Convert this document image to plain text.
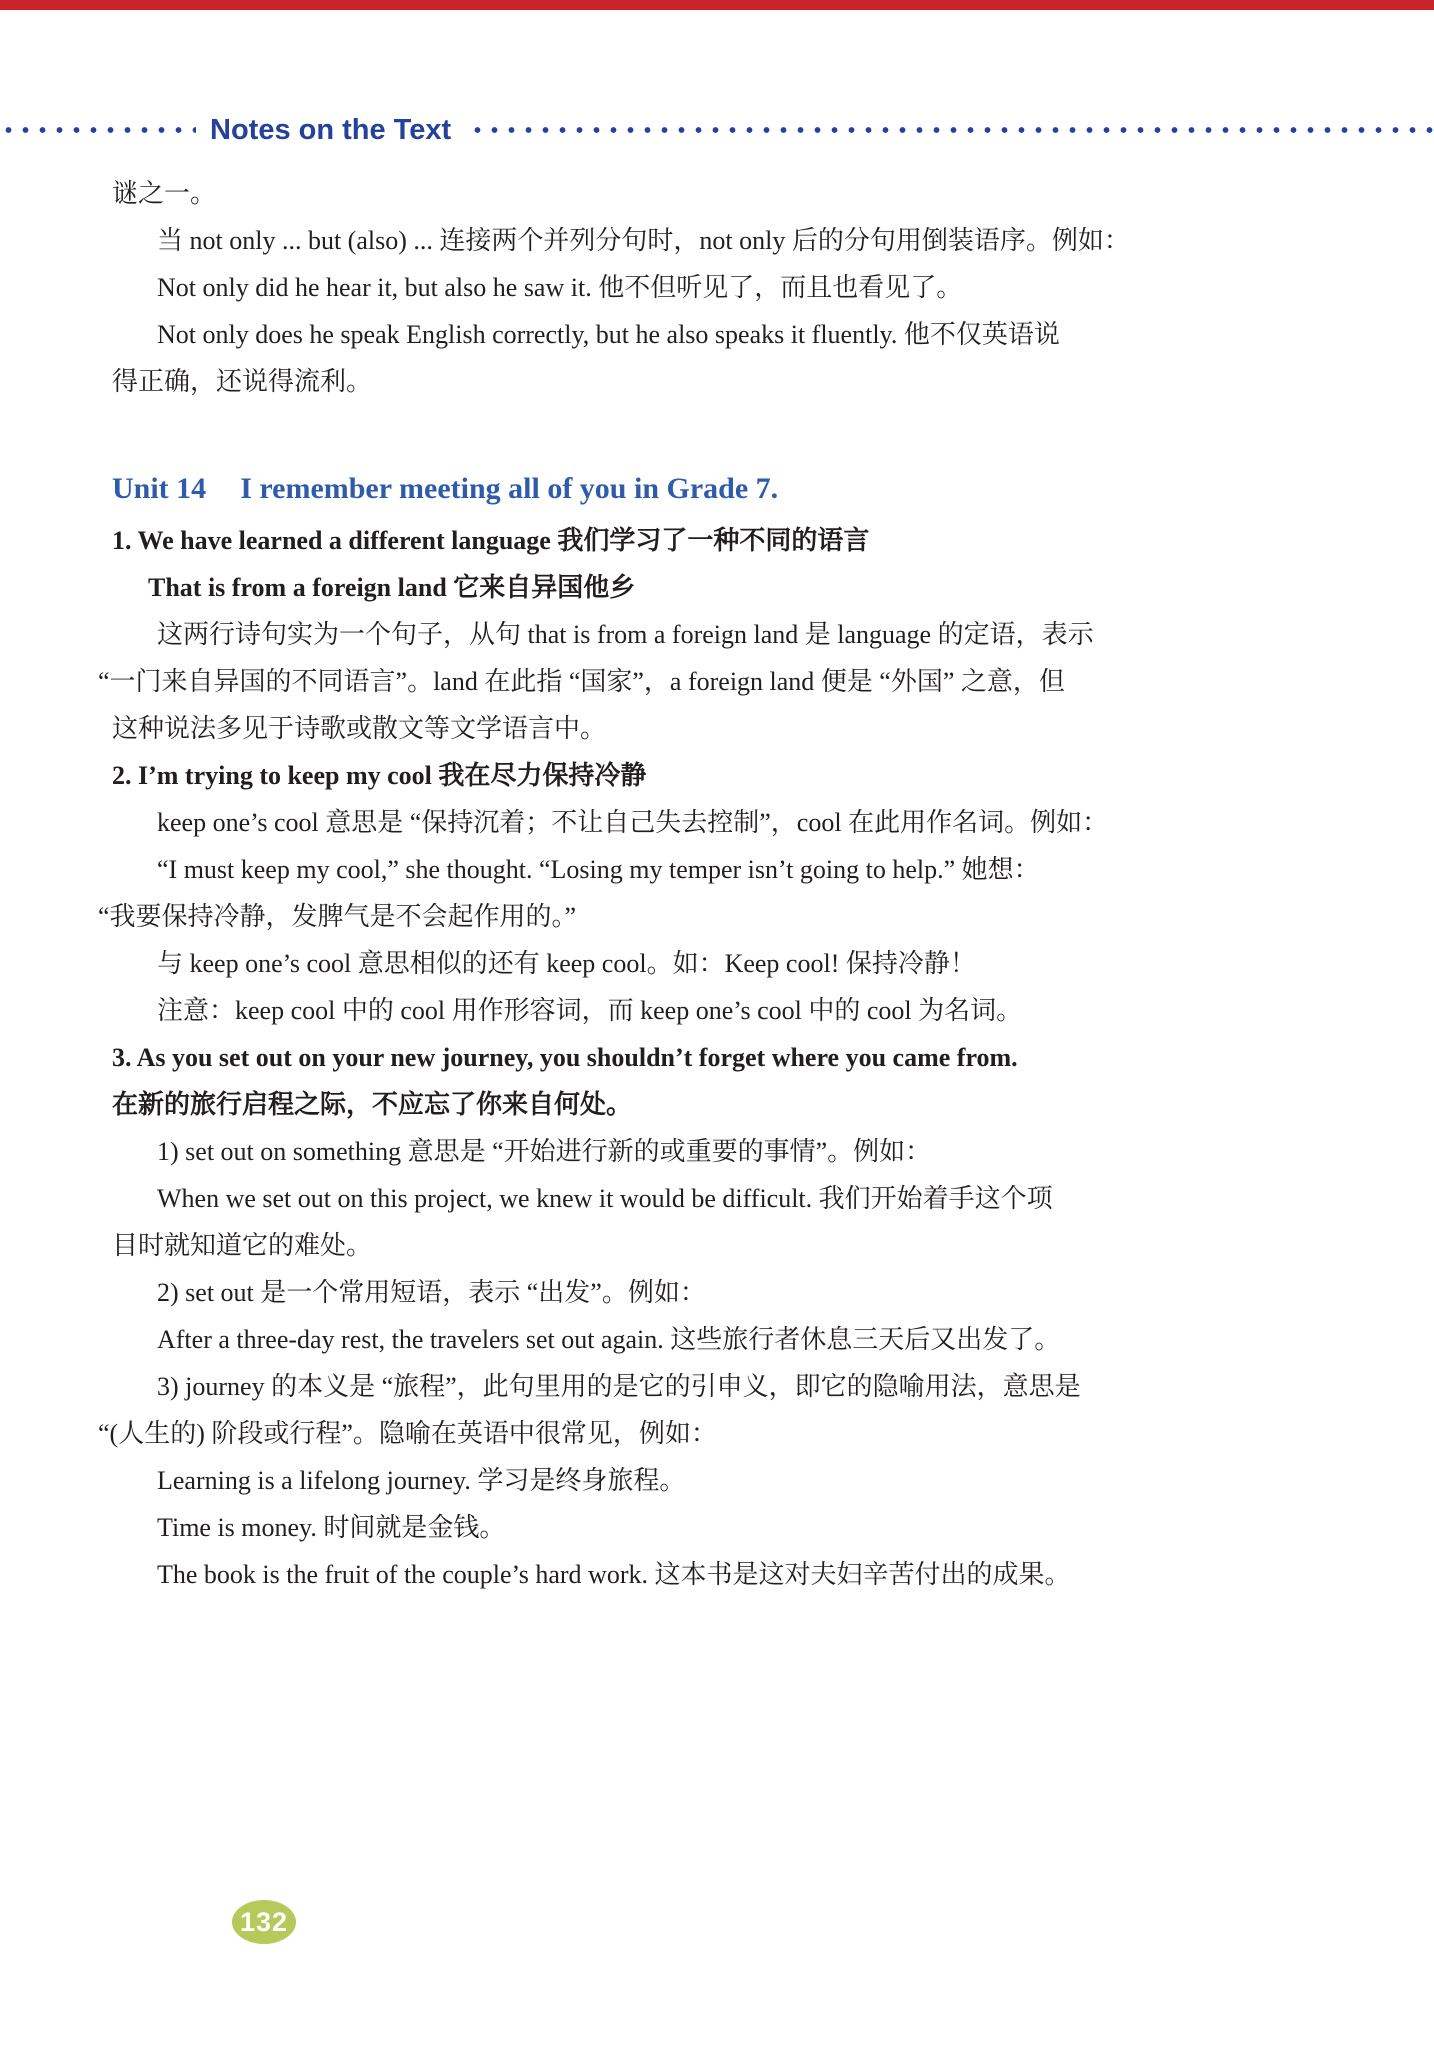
Notes on the Text
谜之一。
当 not only ... but (also) ... 连接两个并列分句时，not only 后的分句用倒装语序。例如：
Not only did he hear it, but also he saw it. 他不但听见了，而且也看见了。
Not only does he speak English correctly, but he also speaks it fluently. 他不仅英语说
得正确，还说得流利。
Unit 14 I remember meeting all of you in Grade 7.
1. We have learned a different language 我们学习了一种不同的语言
That is from a foreign land 它来自异国他乡
这两行诗句实为一个句子，从句 that is from a foreign land 是 language 的定语，表示
“一门来自异国的不同语言”。land 在此指 “国家”，a foreign land 便是 “外国” 之意，但
这种说法多见于诗歌或散文等文学语言中。
2. I’m trying to keep my cool 我在尽力保持冷静
keep one’s cool 意思是 “保持沉着；不让自己失去控制”，cool 在此用作名词。例如：
“I must keep my cool,” she thought. “Losing my temper isn’t going to help.” 她想：
“我要保持冷静，发脾气是不会起作用的。”
与 keep one’s cool 意思相似的还有 keep cool。如：Keep cool! 保持冷静！
注意：keep cool 中的 cool 用作形容词，而 keep one’s cool 中的 cool 为名词。
3. As you set out on your new journey, you shouldn’t forget where you came from.
在新的旅行启程之际，不应忘了你来自何处。
1) set out on something 意思是 “开始进行新的或重要的事情”。例如：
When we set out on this project, we knew it would be difficult. 我们开始着手这个项
目时就知道它的难处。
2) set out 是一个常用短语，表示 “出发”。例如：
After a three-day rest, the travelers set out again. 这些旅行者休息三天后又出发了。
3) journey 的本义是 “旅程”，此句里用的是它的引申义，即它的隐喻用法，意思是
“(人生的) 阶段或行程”。隐喻在英语中很常见，例如：
Learning is a lifelong journey. 学习是终身旅程。
Time is money. 时间就是金钱。
The book is the fruit of the couple’s hard work. 这本书是这对夫妇辛苦付出的成果。
132
